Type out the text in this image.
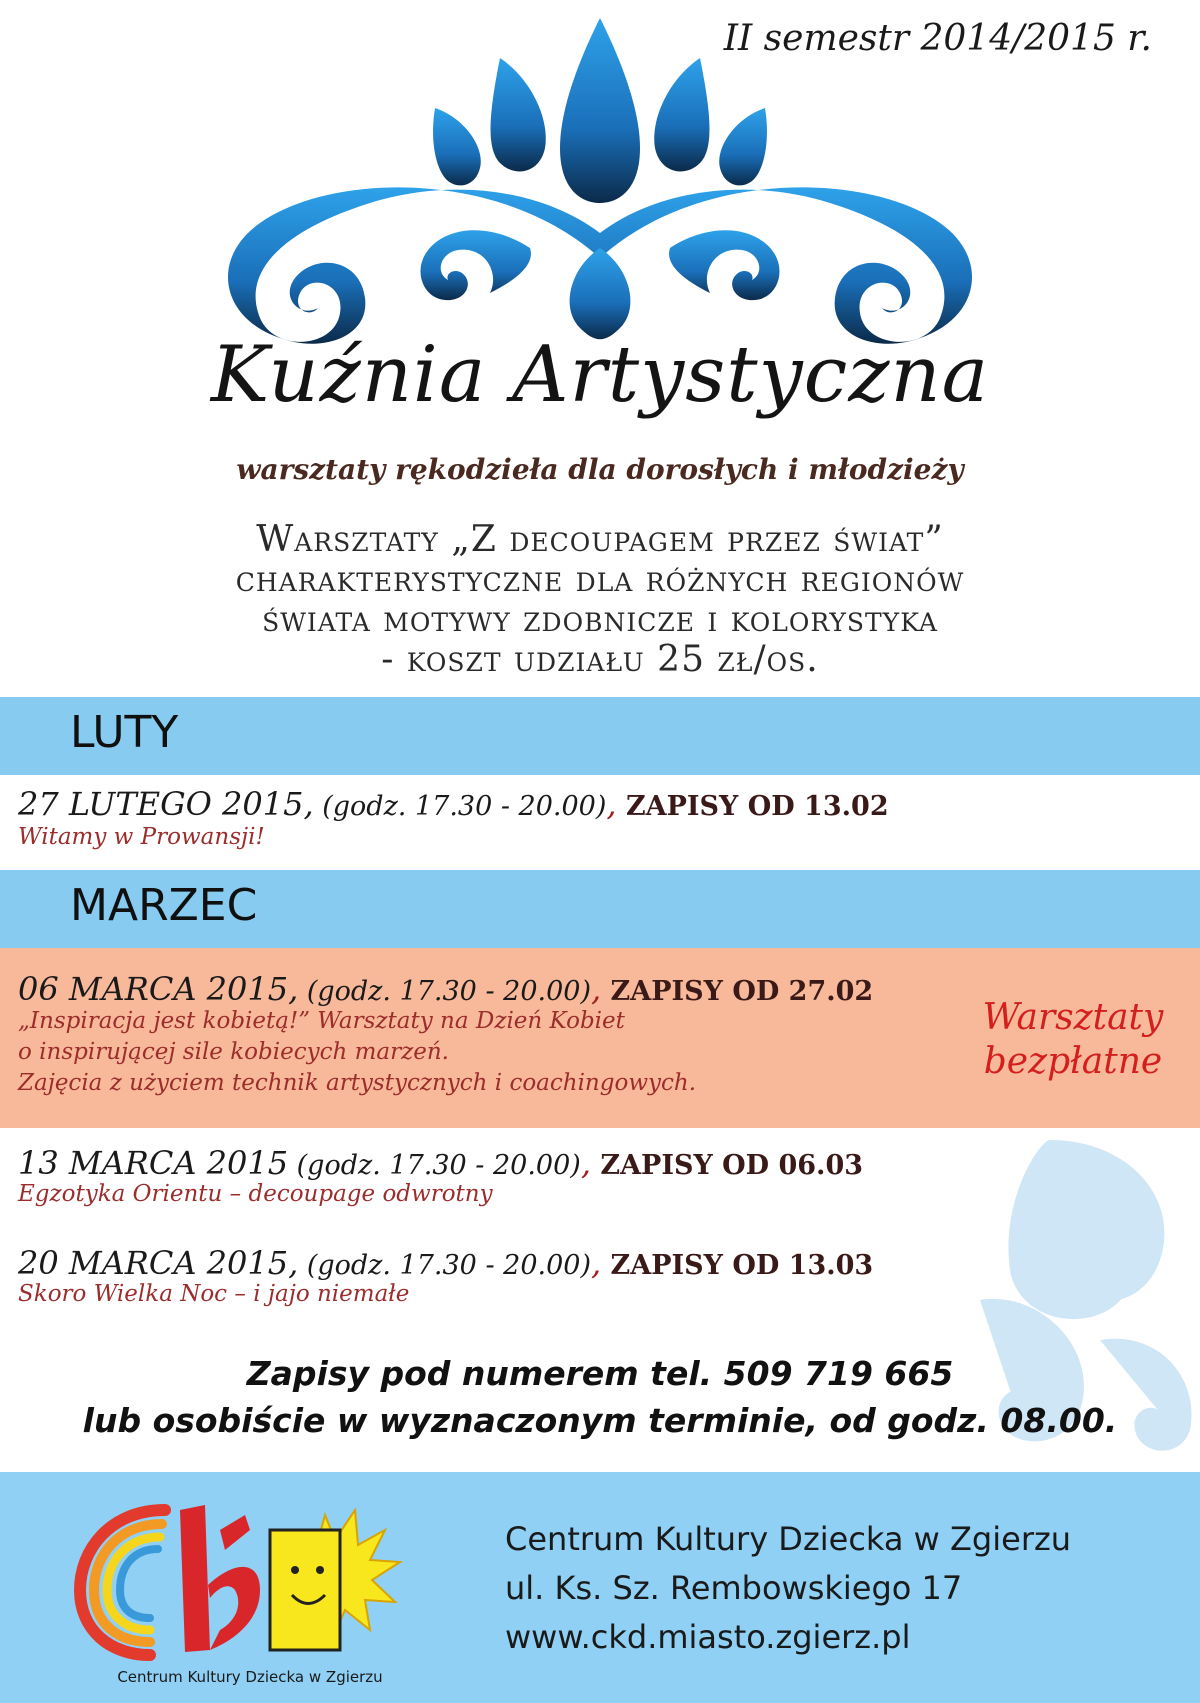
II semestr 2014/2015 r.
Kuźnia Artystyczna
warsztaty rękodzieła dla dorosłych i młodzieży
Warsztaty „Z decoupagem przez świat”
charakterystyczne dla różnych regionów
świata motywy zdobnicze i kolorystyka
- koszt udziału 25 zł/os.
LUTY
27 LUTEGO 2015, (godz. 17.30 - 20.00), ZAPISY OD 13.02
Witamy w Prowansji!
MARZEC
06 MARCA 2015, (godz. 17.30 - 20.00), ZAPISY OD 27.02
„Inspiracja jest kobietą!” Warsztaty na Dzień Kobiet
o inspirującej sile kobiecych marzeń.
Zajęcia z użyciem technik artystycznych i coachingowych.
Warsztaty
bezpłatne
13 MARCA 2015 (godz. 17.30 - 20.00), ZAPISY OD 06.03
Egzotyka Orientu – decoupage odwrotny
20 MARCA 2015, (godz. 17.30 - 20.00), ZAPISY OD 13.03
Skoro Wielka Noc – i jajo niemałe
Zapisy pod numerem tel. 509 719 665
lub osobiście w wyznaczonym terminie, od godz. 08.00.
Centrum Kultury Dziecka w Zgierzu
Centrum Kultury Dziecka w Zgierzu
ul. Ks. Sz. Rembowskiego 17
www.ckd.miasto.zgierz.pl
